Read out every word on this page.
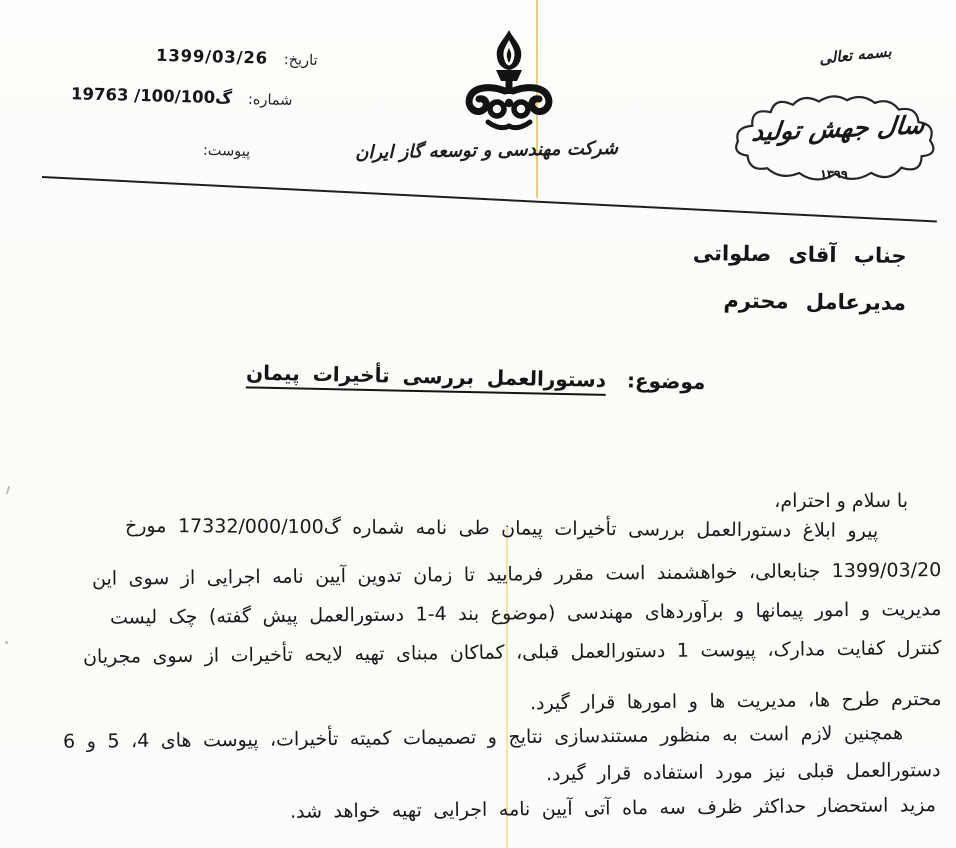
تاریخ:
1399/03/26
شماره:
19763 /100/100گ
پیوست:	شرکت مهندسی و توسعه گاز ایران
بسمه تعالی
سال جهش تولید
۱۳۹۹
جناب آقای صلواتی
مدیرعامل محترم
موضوع: دستورالعمل بررسی تأخیرات پیمان
با سلام و احترام،
پیرو ابلاغ دستورالعمل بررسی تأخیرات پیمان طی نامه شماره گ17332/000/100 مورخ
1399/03/20 جنابعالی، خواهشمند است مقرر فرمایید تا زمان تدوین آیین نامه اجرایی از سوی این
مدیریت و امور پیمانها و برآوردهای مهندسی (موضوع بند 4-1 دستورالعمل پیش گفته) چک لیست
کنترل کفایت مدارک، پیوست 1 دستورالعمل قبلی، کماکان مبنای تهیه لایحه تأخیرات از سوی مجریان
محترم طرح ها، مدیریت ها و امورها قرار گیرد.
همچنین لازم است به منظور مستندسازی نتایج و تصمیمات کمیته تأخیرات، پیوست های 4، 5 و 6
دستورالعمل قبلی نیز مورد استفاده قرار گیرد.
مزید استحضار حداکثر ظرف سه ماه آتی آیین نامه اجرایی تهیه خواهد شد.
